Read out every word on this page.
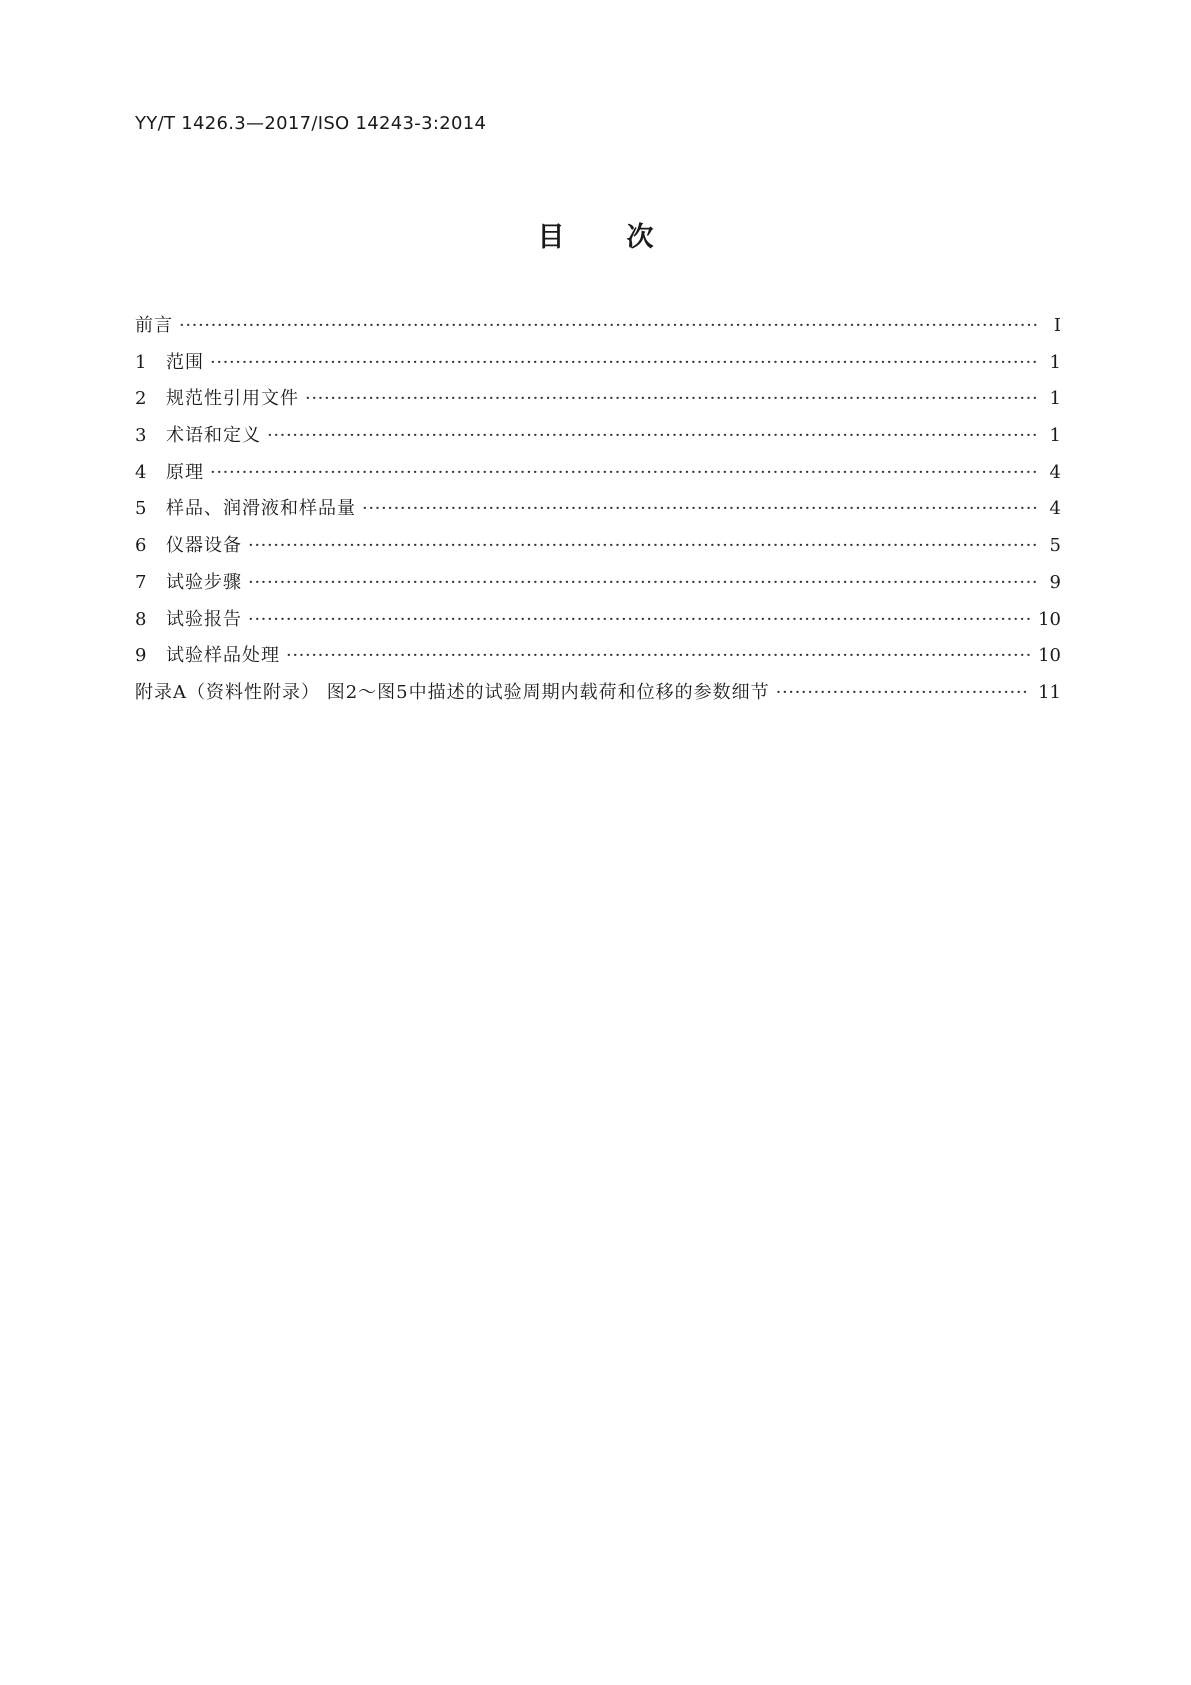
YY/T 1426.3—2017/ISO 14243-3:2014
目次
前言 ·····	Ⅰ
1	范围 ·····	1
2	规范性引用文件 ·····	1
3	术语和定义 ·····	1
4	原理 ·····	4
5	样品、润滑液和样品量 ·····	4
6	仪器设备 ·····	5
7	试验步骤 ·····	9
8	试验报告 ·····	10
9	试验样品处理 ·····	10
附录A（资料性附录） 图2～图5中描述的试验周期内载荷和位移的参数细节 ·····	11
